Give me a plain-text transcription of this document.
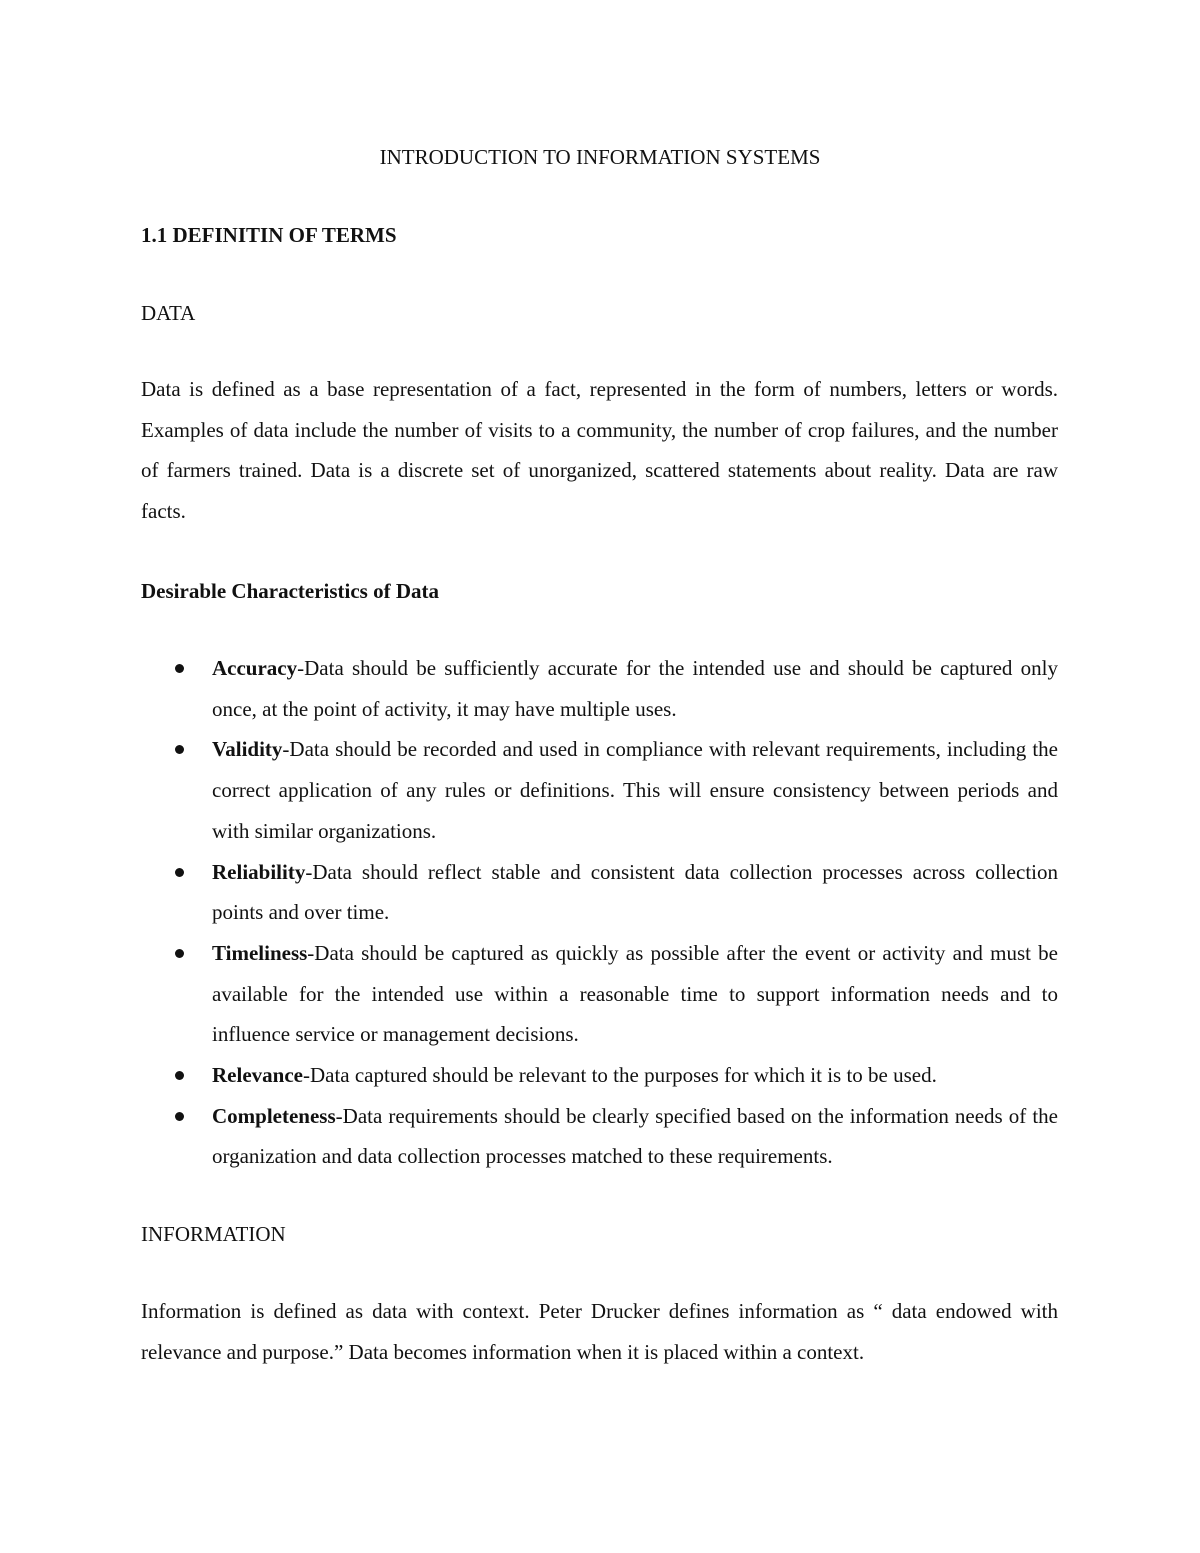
INTRODUCTION TO INFORMATION SYSTEMS
1.1 DEFINITIN OF TERMS
DATA

Data is defined as a base representation of a fact, represented in the form of numbers, letters or words. Examples of data include the number of visits to a community, the number of crop failures, and the number of farmers trained. Data is a discrete set of unorganized, scattered statements about reality. Data are raw facts.

Desirable Characteristics of Data
Accuracy-Data should be sufficiently accurate for the intended use and should be captured only once, at the point of activity, it may have multiple uses.
Validity-Data should be recorded and used in compliance with relevant requirements, including the correct application of any rules or definitions. This will ensure consistency between periods and with similar organizations.
Reliability-Data should reflect stable and consistent data collection processes across collection points and over time.
Timeliness-Data should be captured as quickly as possible after the event or activity and must be available for the intended use within a reasonable time to support information needs and to influence service or management decisions.
Relevance-Data captured should be relevant to the purposes for which it is to be used.
Completeness-Data requirements should be clearly specified based on the information needs of the organization and data collection processes matched to these requirements.
INFORMATION

Information is defined as data with context. Peter Drucker defines information as “ data endowed with relevance and purpose.” Data becomes information when it is placed within a context.
